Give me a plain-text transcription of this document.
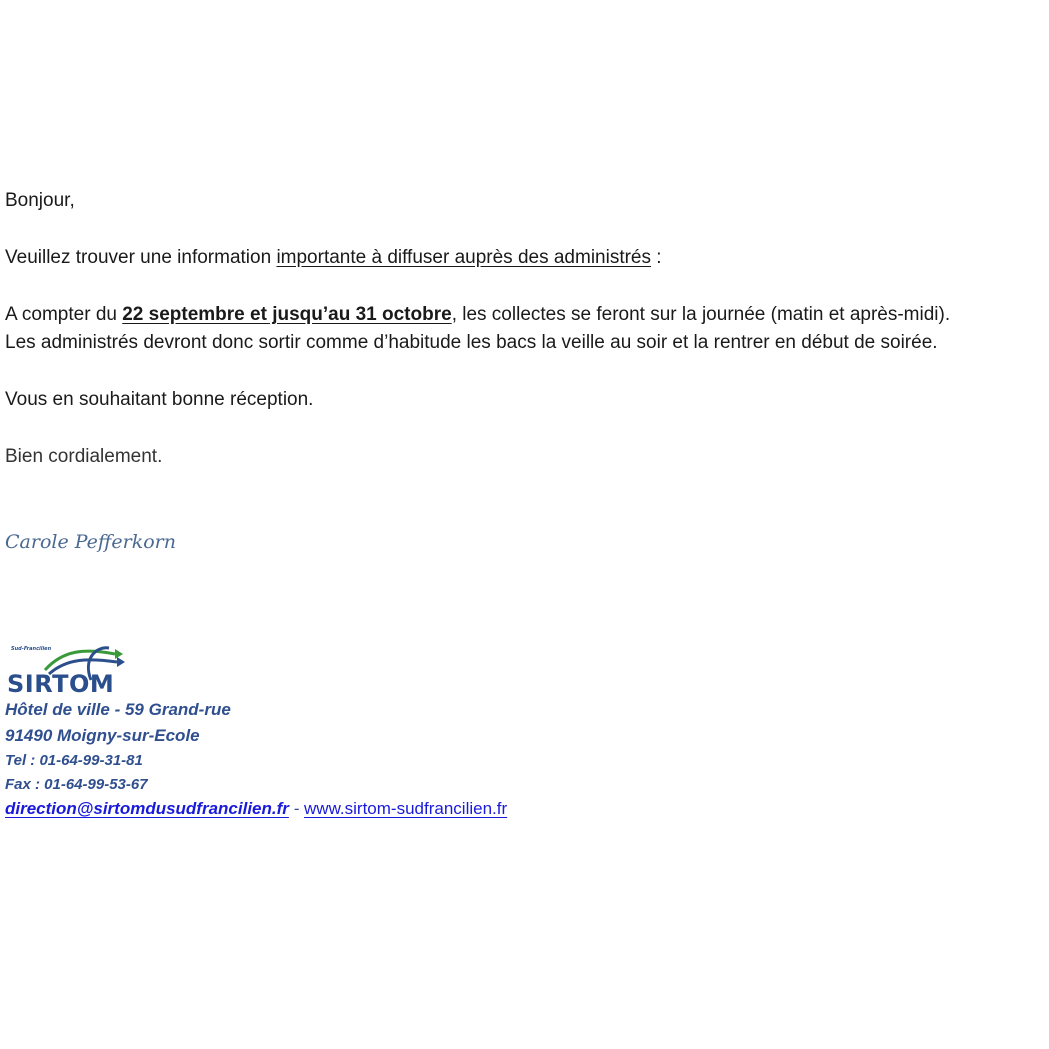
Bonjour,
Veuillez trouver une information importante à diffuser auprès des administrés :
A compter du 22 septembre et jusqu’au 31 octobre, les collectes se feront sur la journée (matin et après-midi).
Les administrés devront donc sortir comme d’habitude les bacs la veille au soir et la rentrer en début de soirée.
Vous en souhaitant bonne réception.
Bien cordialement.
Carole Pefferkorn
Sud-Francilien
SIRTOM
Hôtel de ville - 59 Grand-rue
91490 Moigny-sur-Ecole
Tel : 01-64-99-31-81
Fax : 01-64-99-53-67
direction@sirtomdusudfrancilien.fr - www.sirtom-sudfrancilien.fr
